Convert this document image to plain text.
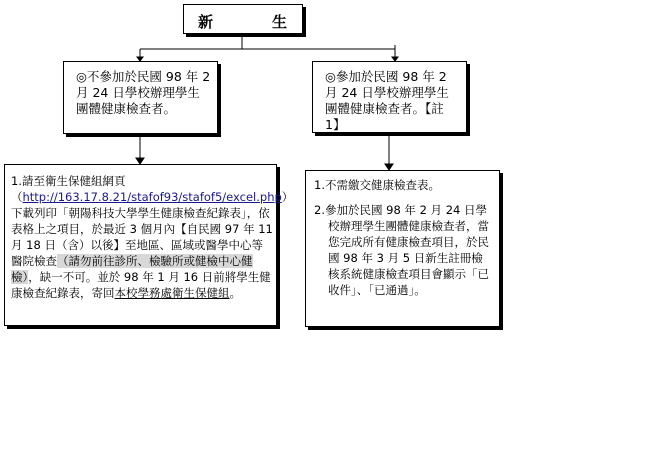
新	生
◎不參加於民國 98 年 2 月 24 日學校辦理學生團體健康檢查者。
◎參加於民國 98 年 2 月 24 日學校辦理學生團體健康檢查者。【註 1】
1.請至衛生保健組網頁
（http://163.17.8.21/stafof93/stafof5/excel.php）
下載列印「朝陽科技大學學生健康檢查紀錄表」，依表格上之項目，於最近 3 個月內【自民國 97 年 11 月 18 日（含）以後】至地區、區域或醫學中心等醫院檢查（請勿前往診所、檢驗所或健檢中心健檢），缺一不可。並於 98 年 1 月 16 日前將學生健康檢查紀錄表，寄回本校學務處衛生保健組。
1.不需繳交健康檢查表。
2.參加於民國 98 年 2 月 24 日學校辦理學生團體健康檢查者，當您完成所有健康檢查項目，於民國 98 年 3 月 5 日新生註冊檢核系統健康檢查項目會顯示「已收件」、「已通過」。
